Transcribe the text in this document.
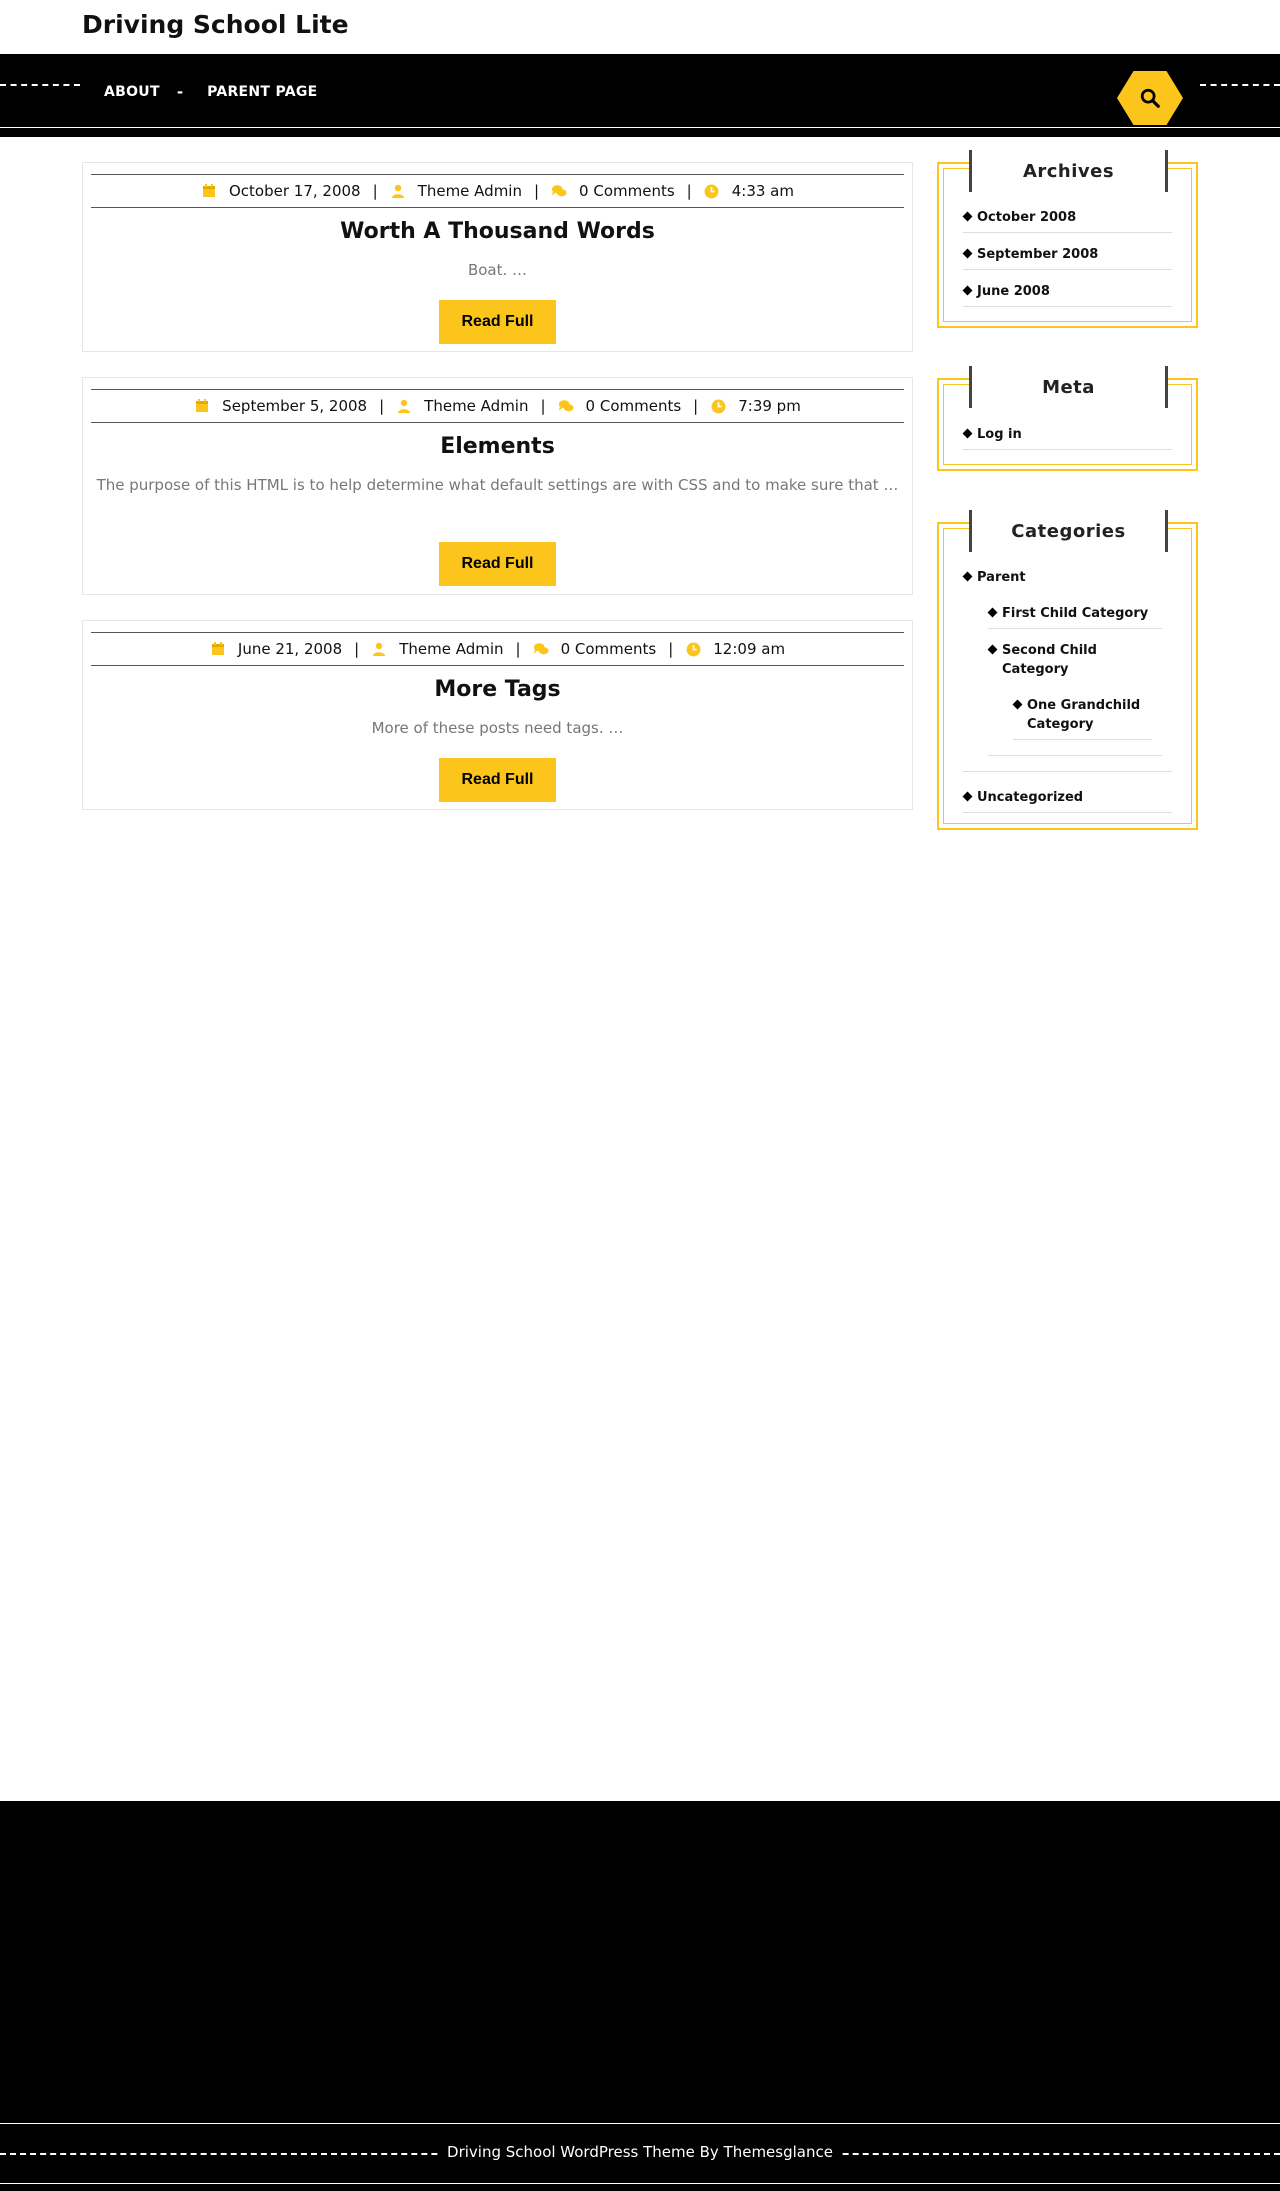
Driving School Lite
ABOUT - PARENT PAGE
October 17, 2008 |	Theme Admin |	0 Comments |	4:33 am
Worth A Thousand Words
Boat. …
Read Full
September 5, 2008 |	Theme Admin |	0 Comments |	7:39 pm
Elements
The purpose of this HTML is to help determine what default settings are with CSS and to make sure that …
Read Full
June 21, 2008 |	Theme Admin |	0 Comments |	12:09 am
More Tags
More of these posts need tags. …
Read Full
Archives
October 2008
September 2008
June 2008
Meta
Log in
Categories
Parent
First Child Category
Second Child Category
One Grandchild Category
Uncategorized
Driving School WordPress Theme By Themesglance
